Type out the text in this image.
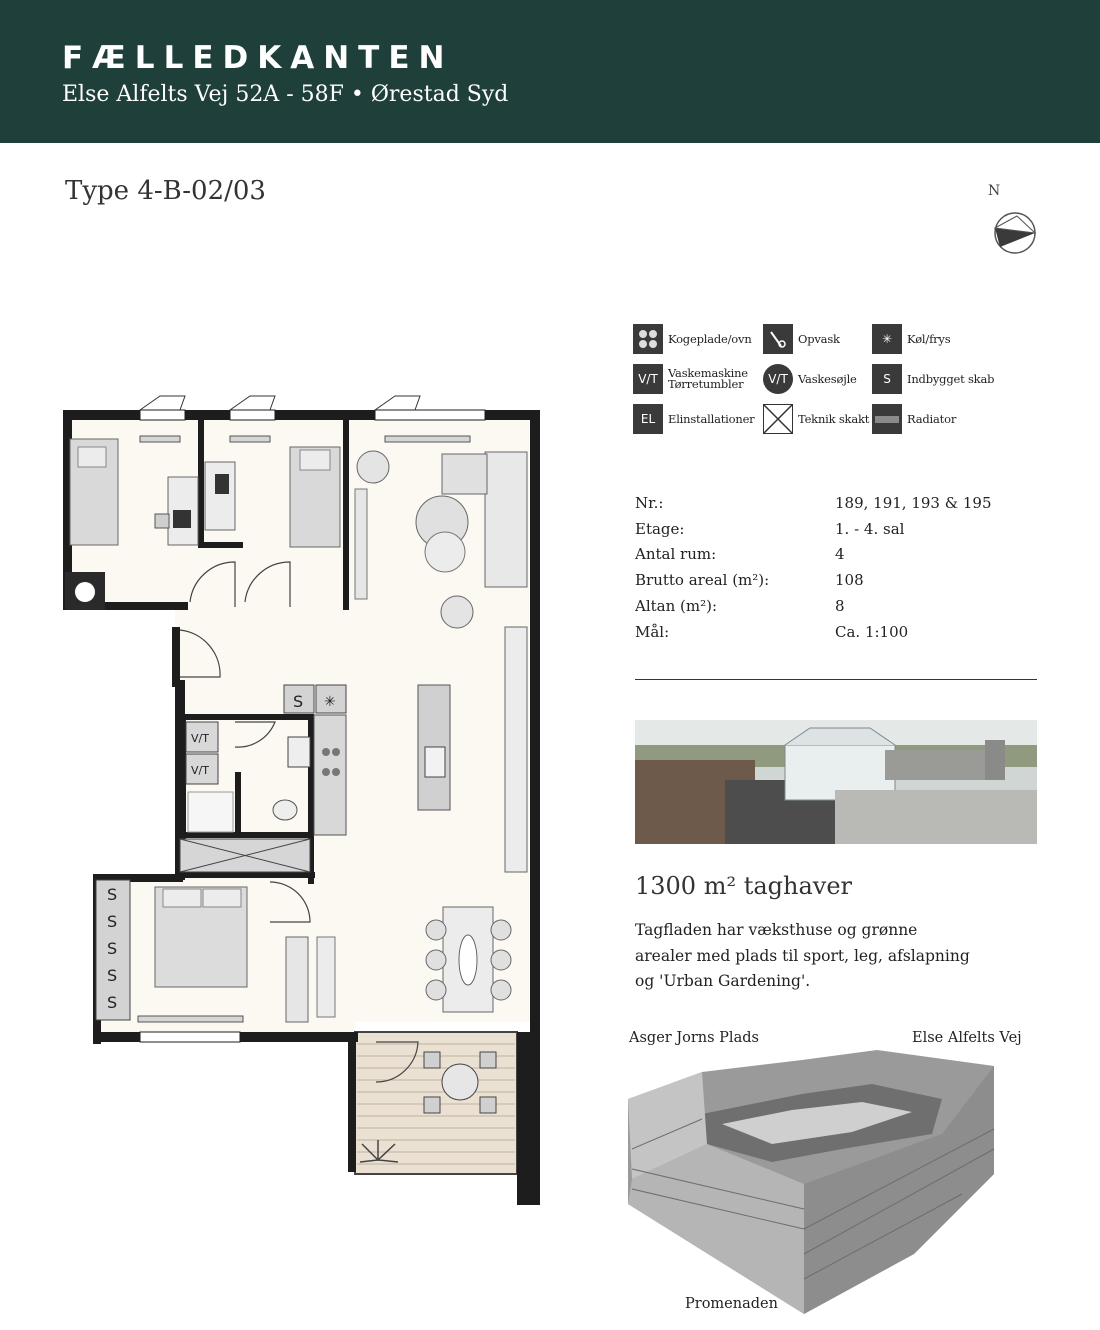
FÆLLEDKANTEN
Else Alfelts Vej 52A - 58F • Ørestad Syd
Type 4-B-02/03	N
V/T
V/T
S ✳
S
S
S
S
S
Kogeplade/ovn	Opvask	✳	Køl/frys
V/T Vaskemaskine Tørretumbler	V/T Vaskesøjle	S	Indbygget skab
EL	Elinstallationer	Teknik skakt	Radiator
Nr.:	189, 191, 193 & 195
Etage:	1. - 4. sal
Antal rum:	4
Brutto areal (m²):	108
Altan (m²):	8
Mål:	Ca. 1:100
1300 m² taghaver
Tagfladen har væksthuse og grønne
arealer med plads til sport, leg, afslapning
og 'Urban Gardening'.
Asger Jorns Plads	Else Alfelts Vej
Promenaden
